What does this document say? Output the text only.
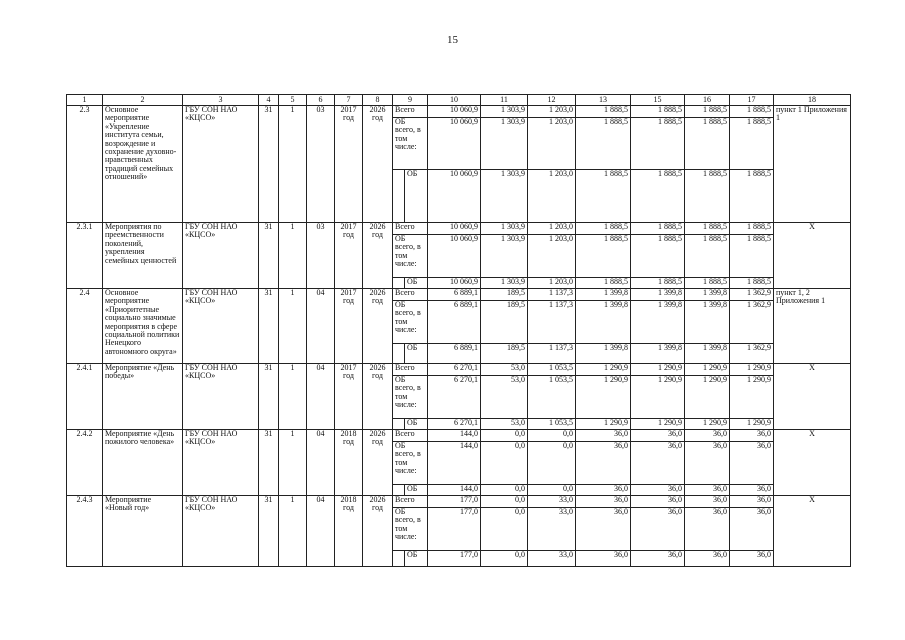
15
1	2	3	4	5	6	7	8	9		10	11	12	13	15	16	17	18
2.3	Основное мероприятие «Укрепление института семьи, возрождение и сохранение духовно-нравственных традиций семейных отношений»	ГБУ СОН НАО «КЦСО»	31	1	03	2017 год	2026 год	Всего		10 060,9	1 303,9	1 203,0	1 888,5	1 888,5	1 888,5	1 888,5	пункт 1 Приложения 1
								ОБ всего, в том числе:		10 060,9	1 303,9	1 203,0	1 888,5	1 888,5	1 888,5	1 888,5	
									ОБ	10 060,9	1 303,9	1 203,0	1 888,5	1 888,5	1 888,5	1 888,5	
2.3.1	Мероприятия по преемственности поколений, укрепления семейных ценностей	ГБУ СОН НАО «КЦСО»	31	1	03	2017 год	2026 год	Всего		10 060,9	1 303,9	1 203,0	1 888,5	1 888,5	1 888,5	1 888,5	Х
								ОБ всего, в том числе:		10 060,9	1 303,9	1 203,0	1 888,5	1 888,5	1 888,5	1 888,5	
									ОБ	10 060,9	1 303,9	1 203,0	1 888,5	1 888,5	1 888,5	1 888,5	
2.4	Основное мероприятие «Приоритетные социально значимые мероприятия в сфере социальной политики Ненецкого автономного округа»	ГБУ СОН НАО «КЦСО»	31	1	04	2017 год	2026 год	Всего		6 889,1	189,5	1 137,3	1 399,8	1 399,8	1 399,8	1 362,9	пункт 1, 2 Приложения 1
								ОБ всего, в том числе:		6 889,1	189,5	1 137,3	1 399,8	1 399,8	1 399,8	1 362,9	
									ОБ	6 889,1	189,5	1 137,3	1 399,8	1 399,8	1 399,8	1 362,9	
2.4.1	Мероприятие «День победы»	ГБУ СОН НАО «КЦСО»	31	1	04	2017 год	2026 год	Всего		6 270,1	53,0	1 053,5	1 290,9	1 290,9	1 290,9	1 290,9	Х
								ОБ всего, в том числе:		6 270,1	53,0	1 053,5	1 290,9	1 290,9	1 290,9	1 290,9	
									ОБ	6 270,1	53,0	1 053,5	1 290,9	1 290,9	1 290,9	1 290,9	
2.4.2	Мероприятие «День пожилого человека»	ГБУ СОН НАО «КЦСО»	31	1	04	2018 год	2026 год	Всего		144,0	0,0	0,0	36,0	36,0	36,0	36,0	Х
								ОБ всего, в том числе:		144,0	0,0	0,0	36,0	36,0	36,0	36,0	
									ОБ	144,0	0,0	0,0	36,0	36,0	36,0	36,0	
2.4.3	Мероприятие «Новый год»	ГБУ СОН НАО «КЦСО»	31	1	04	2018 год	2026 год	Всего		177,0	0,0	33,0	36,0	36,0	36,0	36,0	Х
								ОБ всего, в том числе:		177,0	0,0	33,0	36,0	36,0	36,0	36,0	
									ОБ	177,0	0,0	33,0	36,0	36,0	36,0	36,0	
